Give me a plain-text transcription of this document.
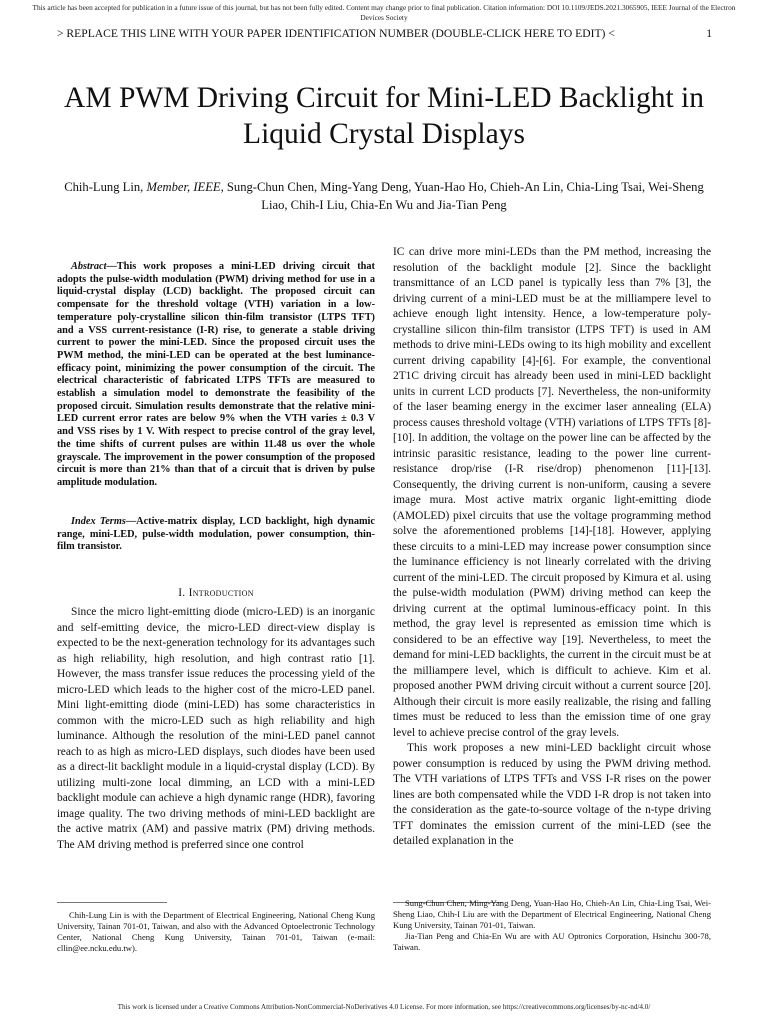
This article has been accepted for publication in a future issue of this journal, but has not been fully edited. Content may change prior to final publication. Citation information: DOI 10.1109/JEDS.2021.3065905, IEEE Journal of the Electron Devices Society
> REPLACE THIS LINE WITH YOUR PAPER IDENTIFICATION NUMBER (DOUBLE-CLICK HERE TO EDIT) <	1
AM PWM Driving Circuit for Mini-LED Backlight in Liquid Crystal Displays
Chih-Lung Lin, Member, IEEE, Sung-Chun Chen, Ming-Yang Deng, Yuan-Hao Ho, Chieh-An Lin, Chia-Ling Tsai, Wei-Sheng Liao, Chih-I Liu, Chia-En Wu and Jia-Tian Peng
Abstract—This work proposes a mini-LED driving circuit that adopts the pulse-width modulation (PWM) driving method for use in a liquid-crystal display (LCD) backlight. The proposed circuit can compensate for the threshold voltage (VTH) variation in a low-temperature poly-crystalline silicon thin-film transistor (LTPS TFT) and a VSS current-resistance (I-R) rise, to generate a stable driving current to power the mini-LED. Since the proposed circuit uses the PWM method, the mini-LED can be operated at the best luminance-efficacy point, minimizing the power consumption of the circuit. The electrical characteristic of fabricated LTPS TFTs are measured to establish a simulation model to demonstrate the feasibility of the proposed circuit. Simulation results demonstrate that the relative mini-LED current error rates are below 9% when the VTH varies ± 0.3 V and VSS rises by 1 V. With respect to precise control of the gray level, the time shifts of current pulses are within 11.48 us over the whole grayscale. The improvement in the power consumption of the proposed circuit is more than 21% than that of a circuit that is driven by pulse amplitude modulation.
Index Terms—Active-matrix display, LCD backlight, high dynamic range, mini-LED, pulse-width modulation, power consumption, thin-film transistor.
I. Introduction
Since the micro light-emitting diode (micro-LED) is an inorganic and self-emitting device, the micro-LED direct-view display is expected to be the next-generation technology for its advantages such as high reliability, high resolution, and high contrast ratio [1]. However, the mass transfer issue reduces the processing yield of the micro-LED which leads to the higher cost of the micro-LED panel. Mini light-emitting diode (mini-LED) has some characteristics in common with the micro-LED such as high reliability and high luminance. Although the resolution of the mini-LED panel cannot reach to as high as micro-LED displays, such diodes have been used as a direct-lit backlight module in a liquid-crystal display (LCD). By utilizing multi-zone local dimming, an LCD with a mini-LED backlight module can achieve a high dynamic range (HDR), favoring image quality. The two driving methods of mini-LED backlight are the active matrix (AM) and passive matrix (PM) driving methods. The AM driving method is preferred since one control

IC can drive more mini-LEDs than the PM method, increasing the resolution of the backlight module [2]. Since the backlight transmittance of an LCD panel is typically less than 7% [3], the driving current of a mini-LED must be at the milliampere level to achieve enough light intensity. Hence, a low-temperature poly-crystalline silicon thin-film transistor (LTPS TFT) is used in AM methods to drive mini-LEDs owing to its high mobility and excellent current driving capability [4]-[6]. For example, the conventional 2T1C driving circuit has already been used in mini-LED backlight units in current LCD products [7]. Nevertheless, the non-uniformity of the laser beaming energy in the excimer laser annealing (ELA) process causes threshold voltage (VTH) variations of LTPS TFTs [8]-[10]. In addition, the voltage on the power line can be affected by the intrinsic parasitic resistance, leading to the power line current-resistance drop/rise (I-R rise/drop) phenomenon [11]-[13]. Consequently, the driving current is non-uniform, causing a severe image mura. Most active matrix organic light-emitting diode (AMOLED) pixel circuits that use the voltage programming method solve the aforementioned problems [14]-[18]. However, applying these circuits to a mini-LED may increase power consumption since the luminance efficiency is not linearly correlated with the driving current of the mini-LED. The circuit proposed by Kimura et al. using the pulse-width modulation (PWM) driving method can keep the driving current at the optimal luminous-efficacy point. In this method, the gray level is represented as emission time which is considered to be an effective way [19]. Nevertheless, to meet the demand for mini-LED backlights, the current in the circuit must be at the milliampere level, which is difficult to achieve. Kim et al. proposed another PWM driving circuit without a current source [20]. Although their circuit is more easily realizable, the rising and falling times must be reduced to less than the emission time of one gray level to achieve precise control of the gray levels.

This work proposes a new mini-LED backlight circuit whose power consumption is reduced by using the PWM driving method. The VTH variations of LTPS TFTs and VSS I-R rises on the power lines are both compensated while the VDD I-R drop is not taken into the consideration as the gate-to-source voltage of the n-type driving TFT dominates the emission current of the mini-LED (see the detailed explanation in the

Chih-Lung Lin is with the Department of Electrical Engineering, National Cheng Kung University, Tainan 701-01, Taiwan, and also with the Advanced Optoelectronic Technology Center, National Cheng Kung University, Tainan 701-01, Taiwan (e-mail: cllin@ee.ncku.edu.tw).

Sung-Chun Chen, Ming-Yang Deng, Yuan-Hao Ho, Chieh-An Lin, Chia-Ling Tsai, Wei-Sheng Liao, Chih-I Liu are with the Department of Electrical Engineering, National Cheng Kung University, Tainan 701-01, Taiwan.

Jia-Tian Peng and Chia-En Wu are with AU Optronics Corporation, Hsinchu 300-78, Taiwan.

This work is licensed under a Creative Commons Attribution-NonCommercial-NoDerivatives 4.0 License. For more information, see https://creativecommons.org/licenses/by-nc-nd/4.0/
